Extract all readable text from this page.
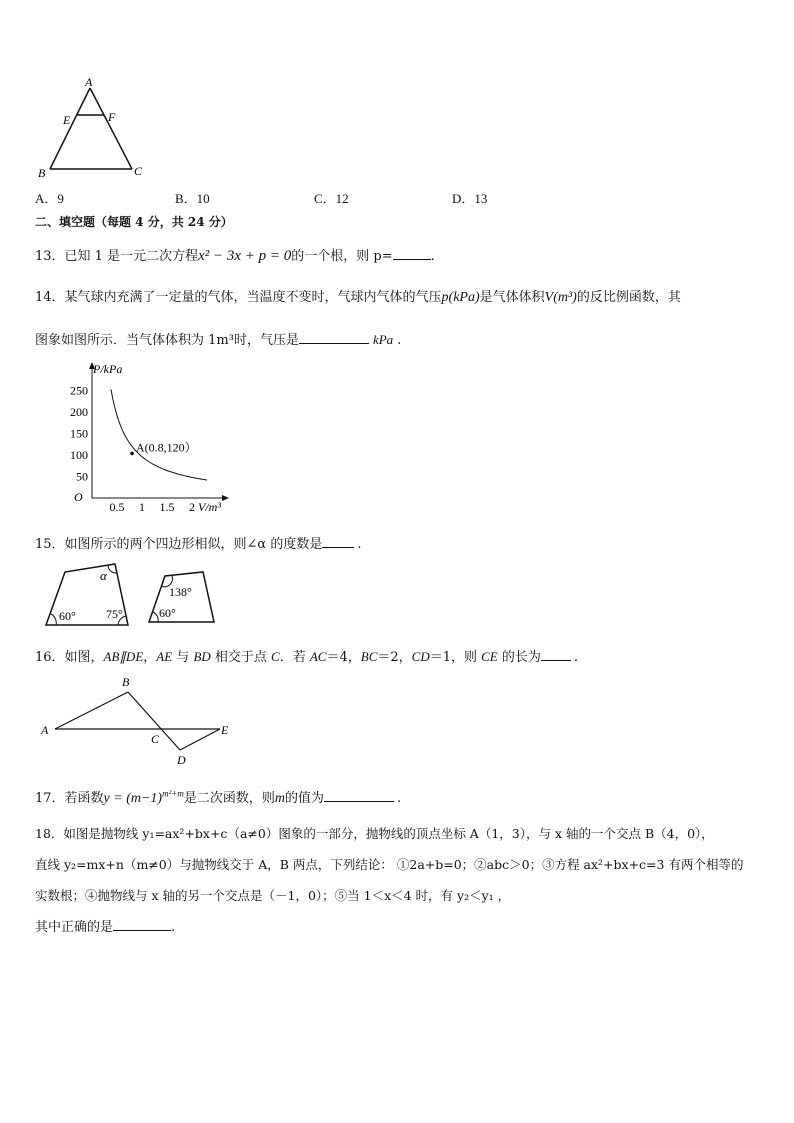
A
E	F
B	C
A．9	B．10	C．12	D．13
二、填空题（每题 4 分，共 24 分）
13．已知 1 是一元二次方程x² − 3x + p = 0的一个根，则 p=	.
14．某气球内充满了一定量的气体，当温度不变时，气球内气体的气压p(kPa)是气体体积V(m³)的反比例函数，其
图象如图所示．当气体体积为 1m³时，气压是	kPa .
P/kPa
V/m³
O
0.5 1 1.5 2
50
100
150
200
250
A(0.8,120）
15．如图所示的两个四边形相似，则∠α 的度数是	.
α
60°	75°
138°
60°
16．如图，AB∥DE，AE 与 BD 相交于点 C．若 AC＝4，BC＝2，CD＝1，则 CE 的长为	.
A
B
C
D
E
17．若函数$y = (m-1)^{m^2+m}$是二次函数，则m的值为	.
18．如图是抛物线 y₁=ax²+bx+c（a≠0）图象的一部分，抛物线的顶点坐标 A（1，3），与 x 轴的一个交点 B（4，0），
直线 y₂=mx+n（m≠0）与抛物线交于 A，B 两点，下列结论： ①2a+b=0；②abc＞0；③方程 ax²+bx+c=3 有两个相等的
实数根；④抛物线与 x 轴的另一个交点是（－1，0）；⑤当 1＜x＜4 时，有 y₂＜y₁ ，
其中正确的是	.
